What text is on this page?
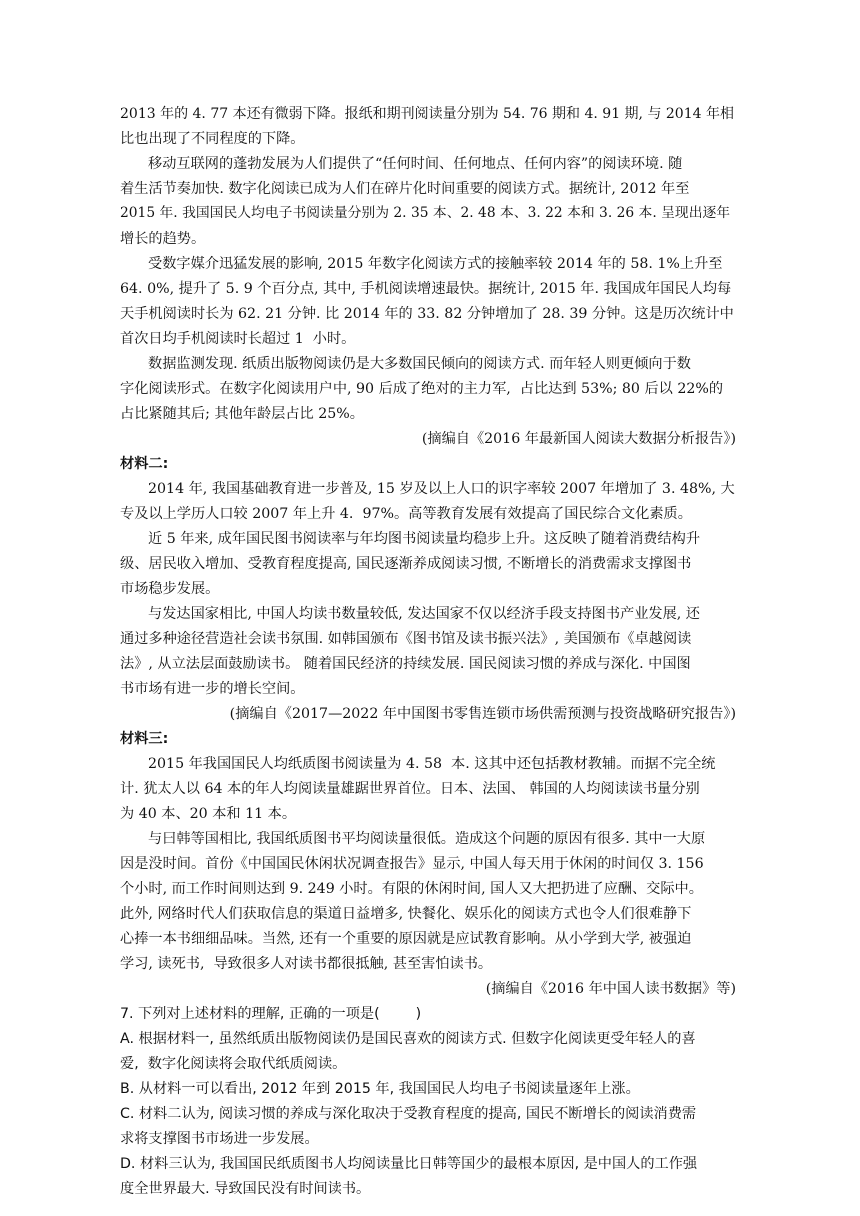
2013 年的 4. 77 本还有微弱下降。报纸和期刊阅读量分别为 54. 76 期和 4. 91 期, 与 2014 年相
比也出现了不同程度的下降。
移动互联网的蓬勃发展为人们提供了“任何时间、任何地点、任何内容”的阅读环境. 随
着生活节奏加快. 数字化阅读已成为人们在碎片化时间重要的阅读方式。据统计, 2012 年至
2015 年. 我国国民人均电子书阅读量分别为 2. 35 本、2. 48 本、3. 22 本和 3. 26 本. 呈现出逐年
增长的趋势。
受数字媒介迅猛发展的影响, 2015 年数字化阅读方式的接触率较 2014 年的 58. 1%上升至
64. 0%, 提升了 5. 9 个百分点, 其中, 手机阅读增速最快。据统计, 2015 年. 我国成年国民人均每
天手机阅读时长为 62. 21 分钟. 比 2014 年的 33. 82 分钟增加了 28. 39 分钟。这是历次统计中
首次日均手机阅读时长超过 1  小时。
数据监测发现. 纸质出版物阅读仍是大多数国民倾向的阅读方式. 而年轻人则更倾向于数
字化阅读形式。在数字化阅读用户中, 90 后成了绝对的主力军,  占比达到 53%; 80 后以 22%的
占比紧随其后; 其他年龄层占比 25%。
(摘编自《2016 年最新国人阅读大数据分析报告》)
材料二:
2014 年, 我国基础教育进一步普及, 15 岁及以上人口的识字率较 2007 年增加了 3. 48%, 大
专及以上学历人口较 2007 年上升 4.  97%。高等教育发展有效提高了国民综合文化素质。
近 5 年来, 成年国民图书阅读率与年均图书阅读量均稳步上升。这反映了随着消费结构升
级、居民收入增加、受教育程度提高, 国民逐渐养成阅读习惯, 不断增长的消费需求支撑图书
市场稳步发展。
与发达国家相比, 中国人均读书数量较低, 发达国家不仅以经济手段支持图书产业发展, 还
通过多种途径营造社会读书氛围. 如韩国颁布《图书馆及读书振兴法》, 美国颁布《卓越阅读
法》, 从立法层面鼓励读书。 随着国民经济的持续发展. 国民阅读习惯的养成与深化. 中国图
书市场有进一步的增长空间。
(摘编自《2017—2022 年中国图书零售连锁市场供需预测与投资战略研究报告》)
材料三:
2015 年我国国民人均纸质图书阅读量为 4. 58  本. 这其中还包括教材教辅。而据不完全统
计. 犹太人以 64 本的年人均阅读量雄踞世界首位。日本、法国、 韩国的人均阅读读书量分别
为 40 本、20 本和 11 本。
与曰韩等国相比, 我国纸质图书平均阅读量很低。造成这个问题的原因有很多. 其中一大原
因是没时间。首份《中国国民休闲状况调查报告》显示, 中国人每天用于休闲的时间仅 3. 156
个小时, 而工作时间则达到 9. 249 小时。有限的休闲时间, 国人又大把扔进了应酬、交际中。
此外, 网络时代人们获取信息的渠道日益增多, 快餐化、娱乐化的阅读方式也令人们很难静下
心捧一本书细细品味。当然, 还有一个重要的原因就是应试教育影响。从小学到大学, 被强迫
学习, 读死书,  导致很多人对读书都很抵触, 甚至害怕读书。
(摘编自《2016 年中国人读书数据》等)
7. 下列对上述材料的理解, 正确的一项是(        )
A. 根据材料一, 虽然纸质出版物阅读仍是国民喜欢的阅读方式. 但数字化阅读更受年轻人的喜
爱,  数字化阅读将会取代纸质阅读。
B. 从材料一可以看出, 2012 年到 2015 年, 我国国民人均电子书阅读量逐年上涨。
C. 材料二认为, 阅读习惯的养成与深化取决于受教育程度的提高, 国民不断增长的阅读消费需
求将支撑图书市场进一步发展。
D. 材料三认为, 我国国民纸质图书人均阅读量比日韩等国少的最根本原因, 是中国人的工作强
度全世界最大. 导致国民没有时间读书。
